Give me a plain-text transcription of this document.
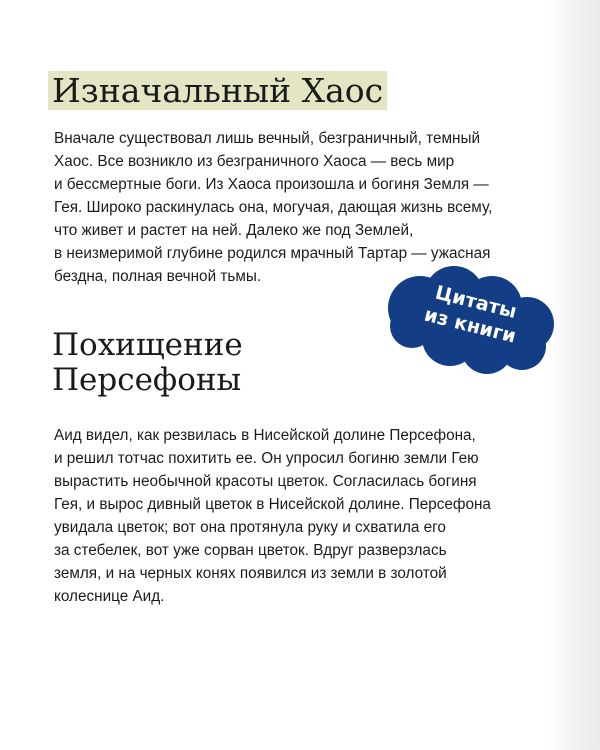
Изначальный Хаос

Вначале существовал лишь вечный, безграничный, темный
Хаос. Все возникло из безграничного Хаоса — весь мир
и бессмертные боги. Из Хаоса произошла и богиня Земля —
Гея. Широко раскинулась она, могучая, дающая жизнь всему,
что живет и растет на ней. Далеко же под Землей,
в неизмеримой глубине родился мрачный Тартар — ужасная
бездна, полная вечной тьмы.

Цитаты
из книги
Похищение
Персефоны

Аид видел, как резвилась в Нисейской долине Персефона,
и решил тотчас похитить ее. Он упросил богиню земли Гею
вырастить необычной красоты цветок. Согласилась богиня
Гея, и вырос дивный цветок в Нисейской долине. Персефона
увидала цветок; вот она протянула руку и схватила его
за стебелек, вот уже сорван цветок. Вдруг разверзлась
земля, и на черных конях появился из земли в золотой
колеснице Аид.
